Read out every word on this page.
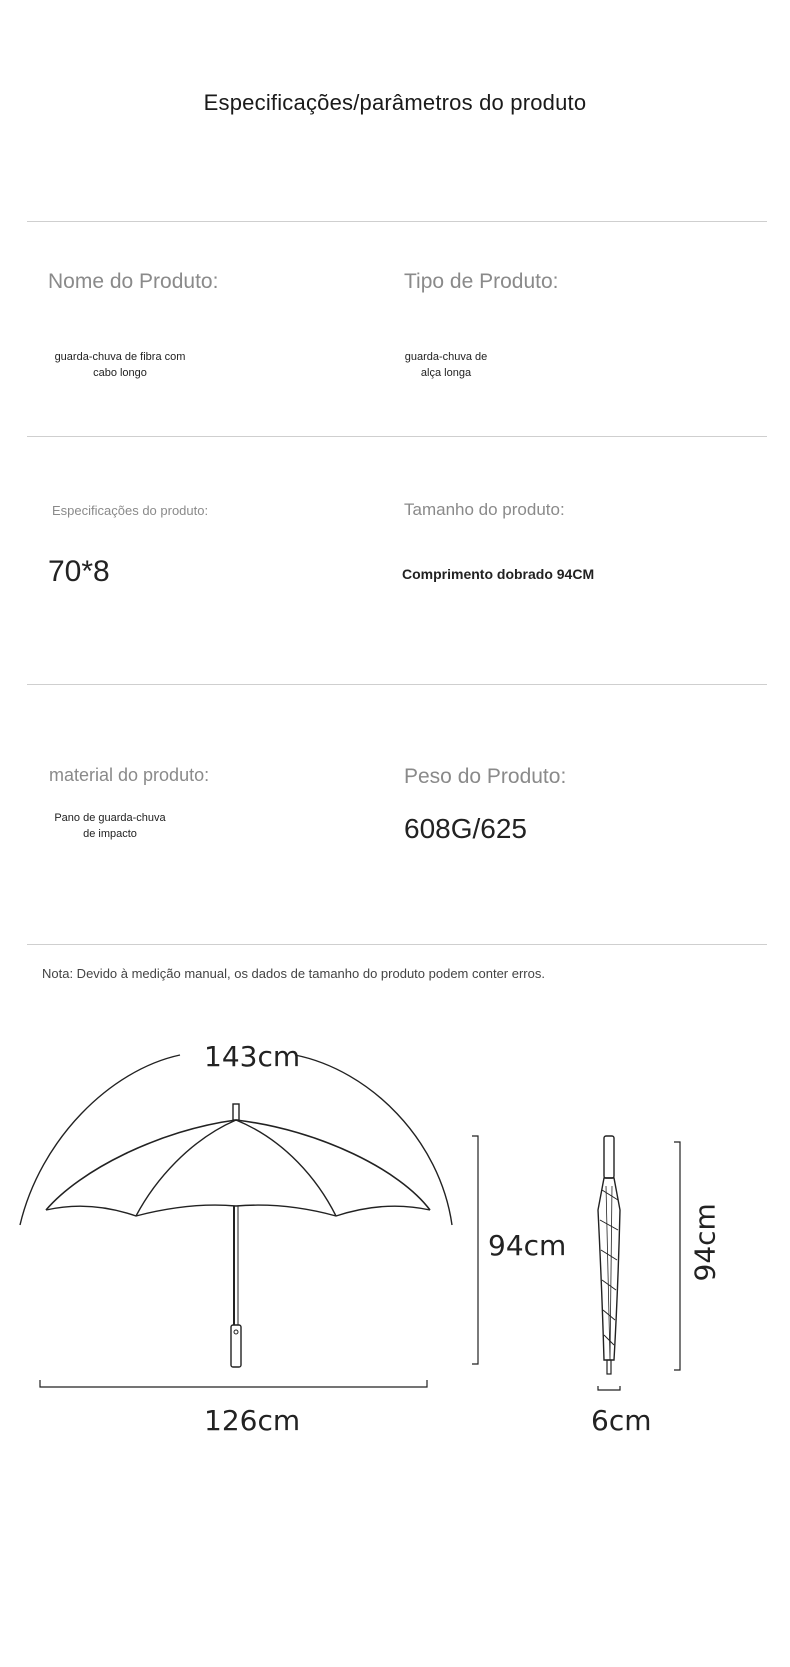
Especificações/parâmetros do produto
Nome do Produto:
guarda-chuva de fibra com cabo longo
Tipo de Produto:
guarda-chuva de alça longa
Especificações do produto:
70*8
Tamanho do produto:
Comprimento dobrado 94CM
material do produto:
Pano de guarda-chuva de impacto
Peso do Produto:
608G/625
Nota: Devido à medição manual, os dados de tamanho do produto podem conter erros.
143cm
126cm
94cm
6cm
94cm
